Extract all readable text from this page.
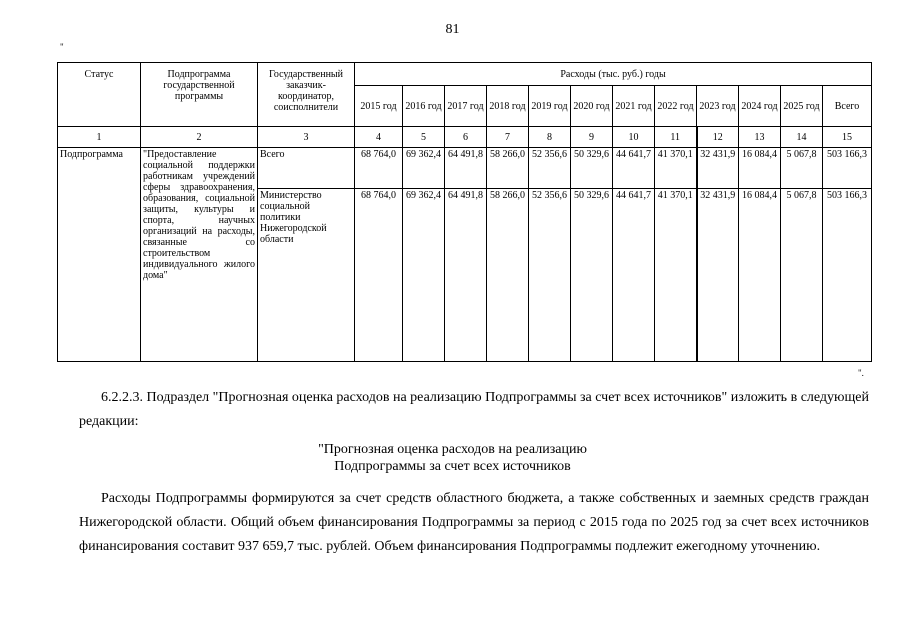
81
"
Статус	Подпрограмма государственной программы	Государственный заказчик-координатор, соисполнители	Расходы (тыс. руб.) годы											
			2015 год	2016 год	2017 год	2018 год	2019 год	2020 год	2021 год	2022 год	2023 год	2024 год	2025 год	Всего
1	2	3	4	5	6	7	8	9	10	11	12	13	14	15
Подпрограмма	"Предоставление социальной поддержки работникам учреждений сферы здравоохранения, образования, социальной защиты, культуры и спорта, научных организаций на расходы, связанные со строительством индивидуального жилого дома"	Всего	68 764,0	69 362,4	64 491,8	58 266,0	52 356,6	50 329,6	44 641,7	41 370,1	32 431,9	16 084,4	5 067,8	503 166,3
		Министерство социальной политики Нижегородской области	68 764,0	69 362,4	64 491,8	58 266,0	52 356,6	50 329,6	44 641,7	41 370,1	32 431,9	16 084,4	5 067,8	503 166,3
".
6.2.2.3. Подраздел "Прогнозная оценка расходов на реализацию Подпрограммы за счет всех источников" изложить в следующей редакции:
"Прогнозная оценка расходов на реализацию
Подпрограммы за счет всех источников
Расходы Подпрограммы формируются за счет средств областного бюджета, а также собственных и заемных средств граждан Нижегородской области. Общий объем финансирования Подпрограммы за период с 2015 года по 2025 год за счет всех источников финансирования составит 937 659,7 тыс. рублей. Объем финансирования Подпрограммы подлежит ежегодному уточнению.
